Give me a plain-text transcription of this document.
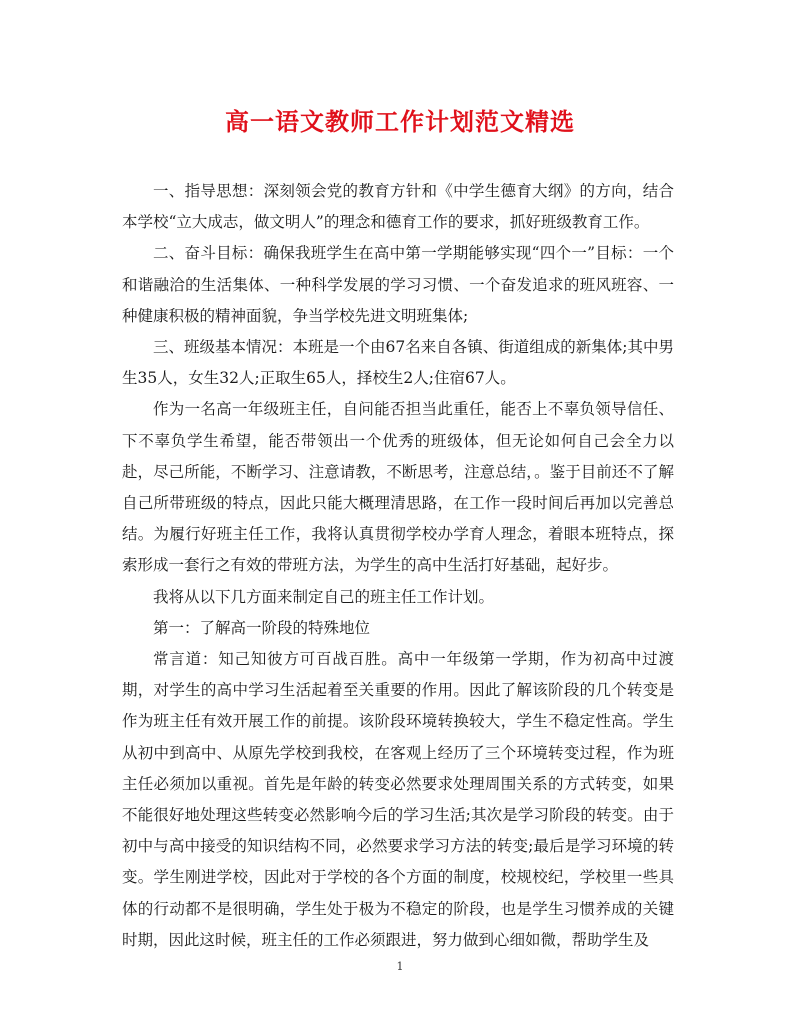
高一语文教师工作计划范文精选

一、指导思想：深刻领会党的教育方针和《中学生德育大纲》的方向，结合本学校“立大成志，做文明人”的理念和德育工作的要求，抓好班级教育工作。

二、奋斗目标：确保我班学生在高中第一学期能够实现“四个一”目标：一个和谐融洽的生活集体、一种科学发展的学习习惯、一个奋发追求的班风班容、一种健康积极的精神面貌，争当学校先进文明班集体;

三、班级基本情况：本班是一个由67名来自各镇、街道组成的新集体;其中男生35人，女生32人;正取生65人，择校生2人;住宿67人。

作为一名高一年级班主任，自问能否担当此重任，能否上不辜负领导信任、下不辜负学生希望，能否带领出一个优秀的班级体，但无论如何自己会全力以赴，尽己所能，不断学习、注意请教，不断思考，注意总结，。鉴于目前还不了解自己所带班级的特点，因此只能大概理清思路，在工作一段时间后再加以完善总结。为履行好班主任工作，我将认真贯彻学校办学育人理念，着眼本班特点，探索形成一套行之有效的带班方法，为学生的高中生活打好基础，起好步。

我将从以下几方面来制定自己的班主任工作计划。

第一：了解高一阶段的特殊地位

常言道：知己知彼方可百战百胜。高中一年级第一学期，作为初高中过渡期，对学生的高中学习生活起着至关重要的作用。因此了解该阶段的几个转变是作为班主任有效开展工作的前提。该阶段环境转换较大，学生不稳定性高。学生从初中到高中、从原先学校到我校，在客观上经历了三个环境转变过程，作为班主任必须加以重视。首先是年龄的转变必然要求处理周围关系的方式转变，如果不能很好地处理这些转变必然影响今后的学习生活;其次是学习阶段的转变。由于初中与高中接受的知识结构不同，必然要求学习方法的转变;最后是学习环境的转变。学生刚进学校，因此对于学校的各个方面的制度，校规校纪，学校里一些具体的行动都不是很明确，学生处于极为不稳定的阶段，也是学生习惯养成的关键时期，因此这时候，班主任的工作必须跟进，努力做到心细如微，帮助学生及

1
